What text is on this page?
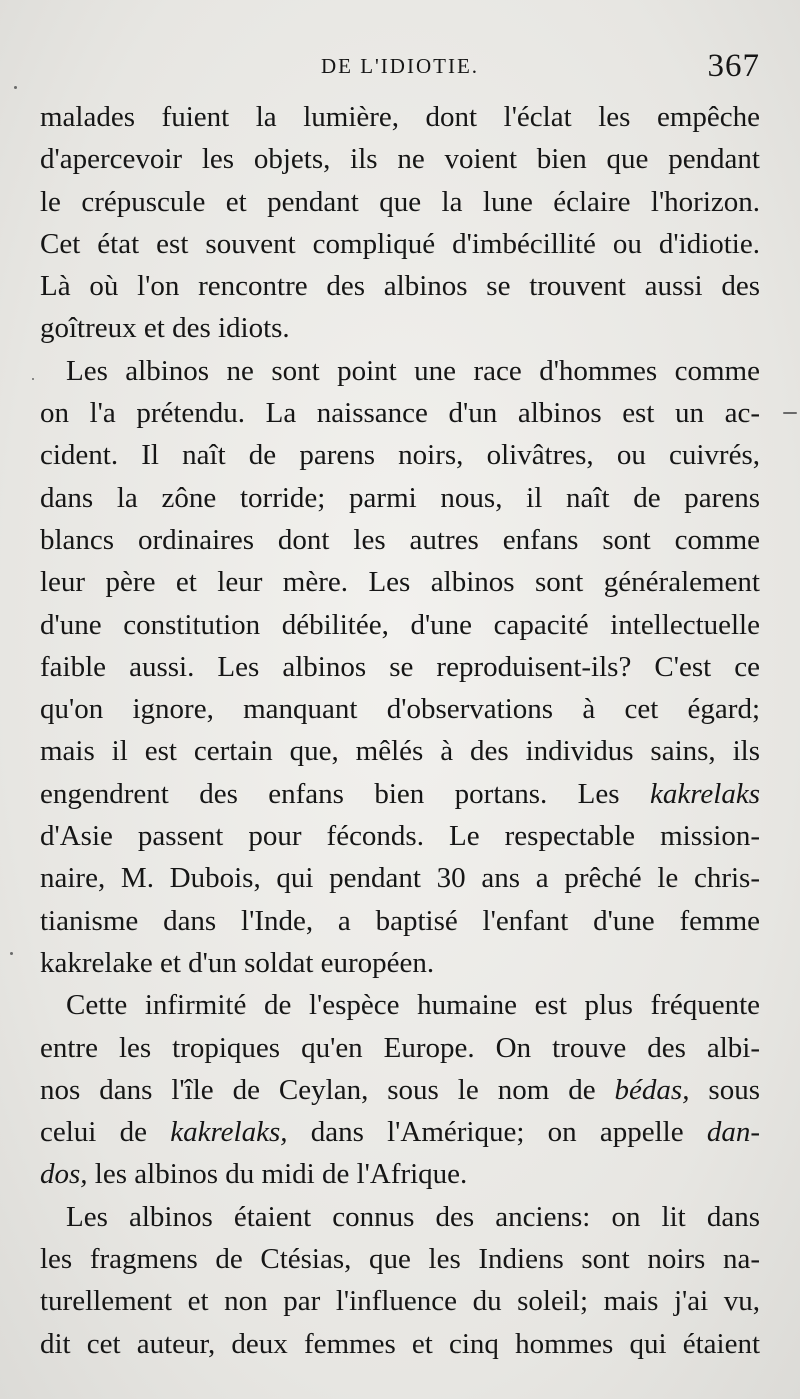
DE L'IDIOTIE.	367
malades fuient la lumière, dont l'éclat les empêche
d'apercevoir les objets, ils ne voient bien que pendant
le crépuscule et pendant que la lune éclaire l'horizon.
Cet état est souvent compliqué d'imbécillité ou d'idiotie.
Là où l'on rencontre des albinos se trouvent aussi des
goîtreux et des idiots.
Les albinos ne sont point une race d'hommes comme
on l'a prétendu. La naissance d'un albinos est un ac-
cident. Il naît de parens noirs, olivâtres, ou cuivrés,
dans la zône torride; parmi nous, il naît de parens
blancs ordinaires dont les autres enfans sont comme
leur père et leur mère. Les albinos sont généralement
d'une constitution débilitée, d'une capacité intellectuelle
faible aussi. Les albinos se reproduisent-ils? C'est ce
qu'on ignore, manquant d'observations à cet égard;
mais il est certain que, mêlés à des individus sains, ils
engendrent des enfans bien portans. Les kakrelaks
d'Asie passent pour féconds. Le respectable mission-
naire, M. Dubois, qui pendant 30 ans a prêché le chris-
tianisme dans l'Inde, a baptisé l'enfant d'une femme
kakrelake et d'un soldat européen.
Cette infirmité de l'espèce humaine est plus fréquente
entre les tropiques qu'en Europe. On trouve des albi-
nos dans l'île de Ceylan, sous le nom de bédas, sous
celui de kakrelaks, dans l'Amérique; on appelle dan-
dos, les albinos du midi de l'Afrique.
Les albinos étaient connus des anciens: on lit dans
les fragmens de Ctésias, que les Indiens sont noirs na-
turellement et non par l'influence du soleil; mais j'ai vu,
dit cet auteur, deux femmes et cinq hommes qui étaient
